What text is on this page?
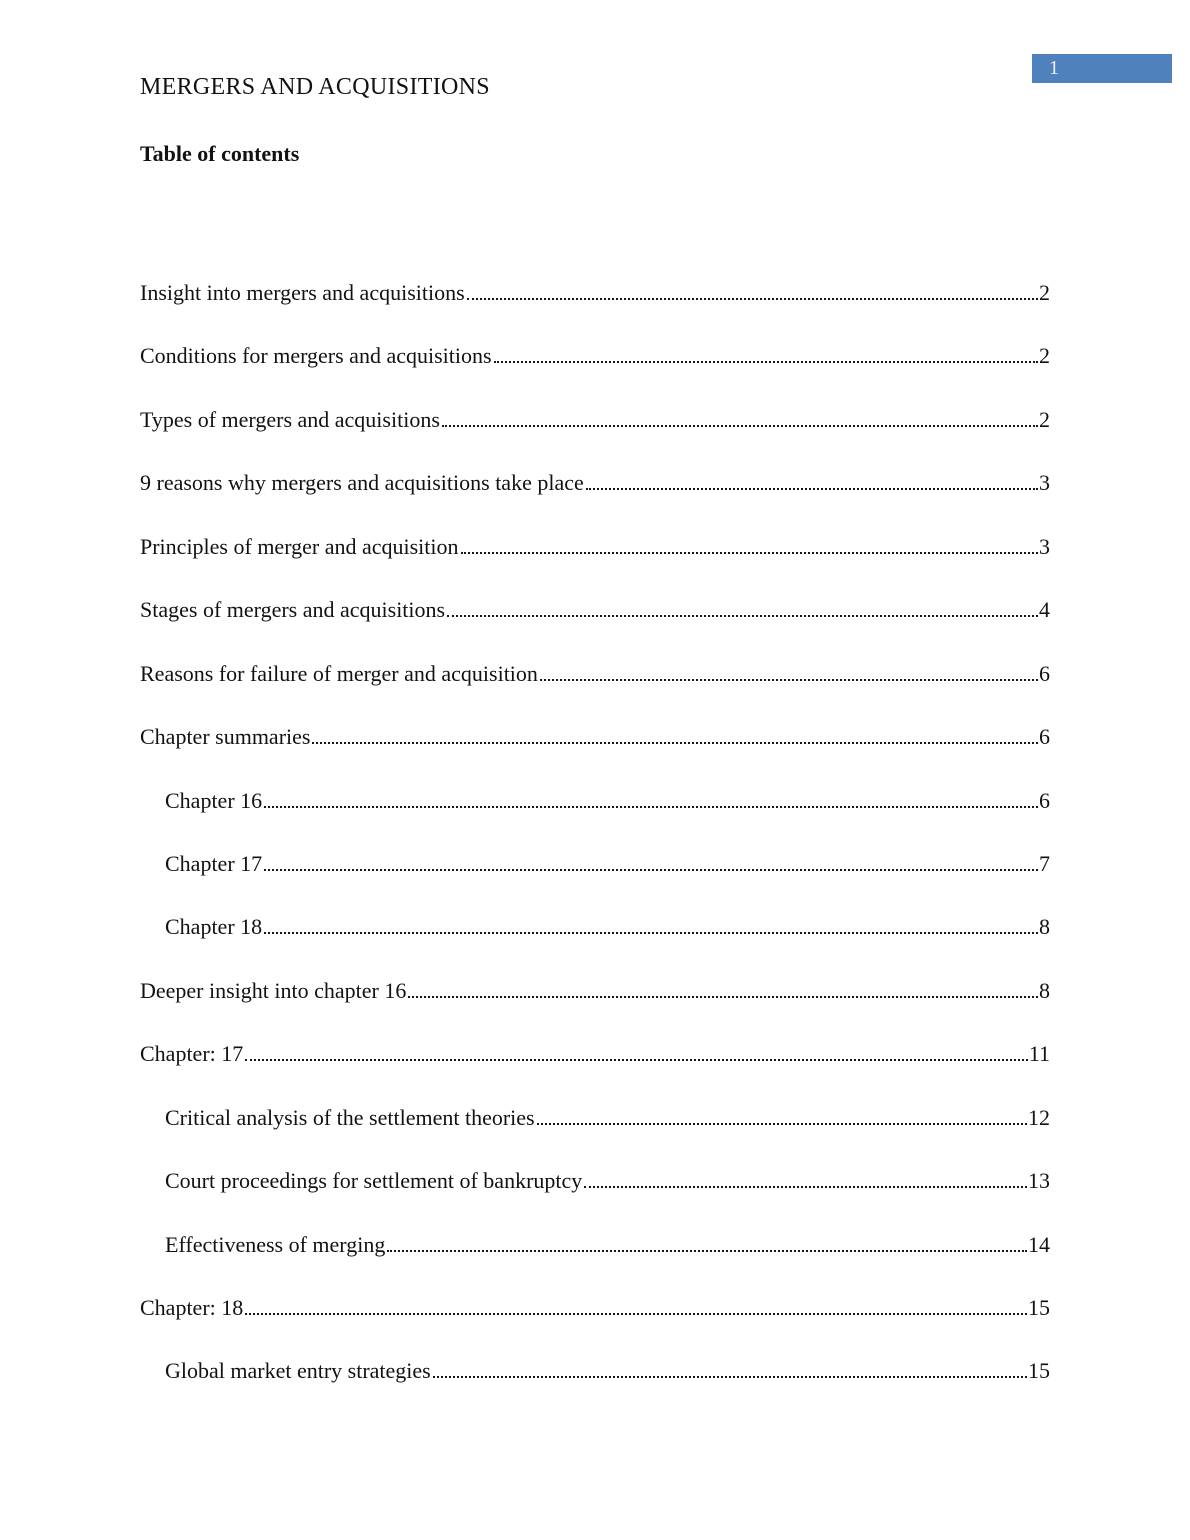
MERGERS AND ACQUISITIONS
1
Table of contents
Insight into mergers and acquisitions	2
Conditions for mergers and acquisitions	2
Types of mergers and acquisitions	2
9 reasons why mergers and acquisitions take place	3
Principles of merger and acquisition	3
Stages of mergers and acquisitions	4
Reasons for failure of merger and acquisition	6
Chapter summaries	6
Chapter 16	6
Chapter 17	7
Chapter 18	8
Deeper insight into chapter 16	8
Chapter: 17	11
Critical analysis of the settlement theories	12
Court proceedings for settlement of bankruptcy	13
Effectiveness of merging	14
Chapter: 18	15
Global market entry strategies	15
